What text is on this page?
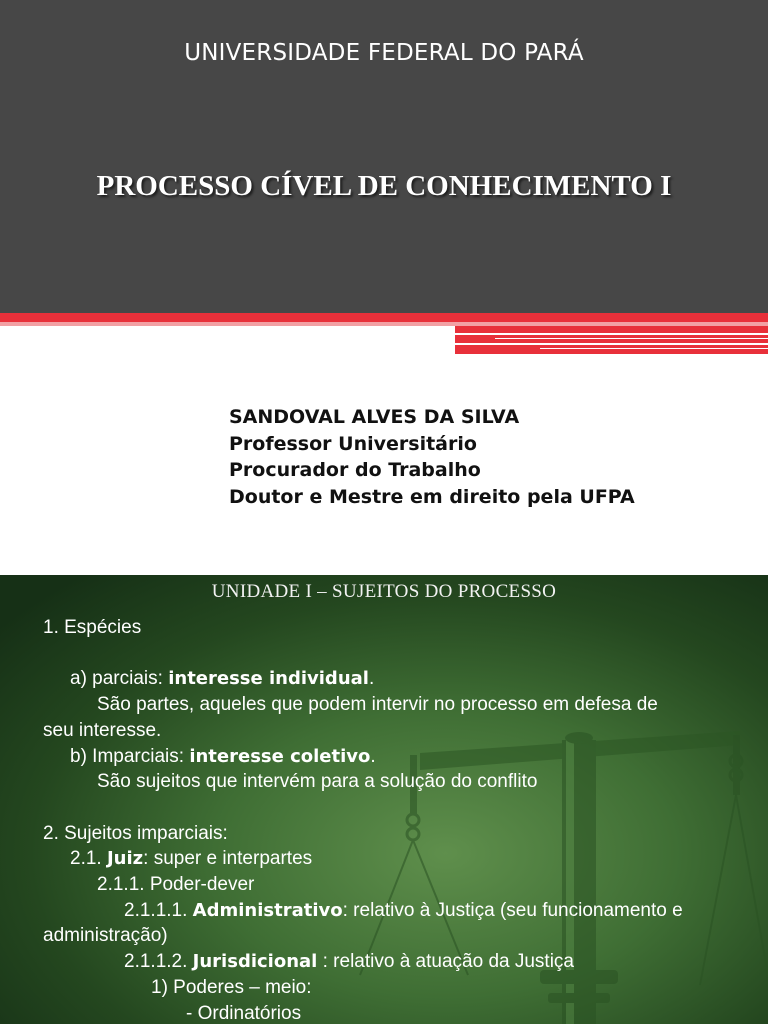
UNIVERSIDADE FEDERAL DO PARÁ
PROCESSO CÍVEL DE CONHECIMENTO I
SANDOVAL ALVES DA SILVA
Professor Universitário
Procurador do Trabalho
Doutor e Mestre em direito pela UFPA
UNIDADE I – SUJEITOS DO PROCESSO
1. Espécies
a) parciais: interesse individual.
São partes, aqueles que podem intervir no processo em defesa de
seu interesse.
b) Imparciais: interesse coletivo.
São sujeitos que intervém para a solução do conflito
2. Sujeitos imparciais:
2.1. Juiz: super e interpartes
2.1.1. Poder-dever
2.1.1.1. Administrativo: relativo à Justiça (seu funcionamento e
administração)
2.1.1.2. Jurisdicional : relativo à atuação da Justiça
1) Poderes – meio:
- Ordinatórios
